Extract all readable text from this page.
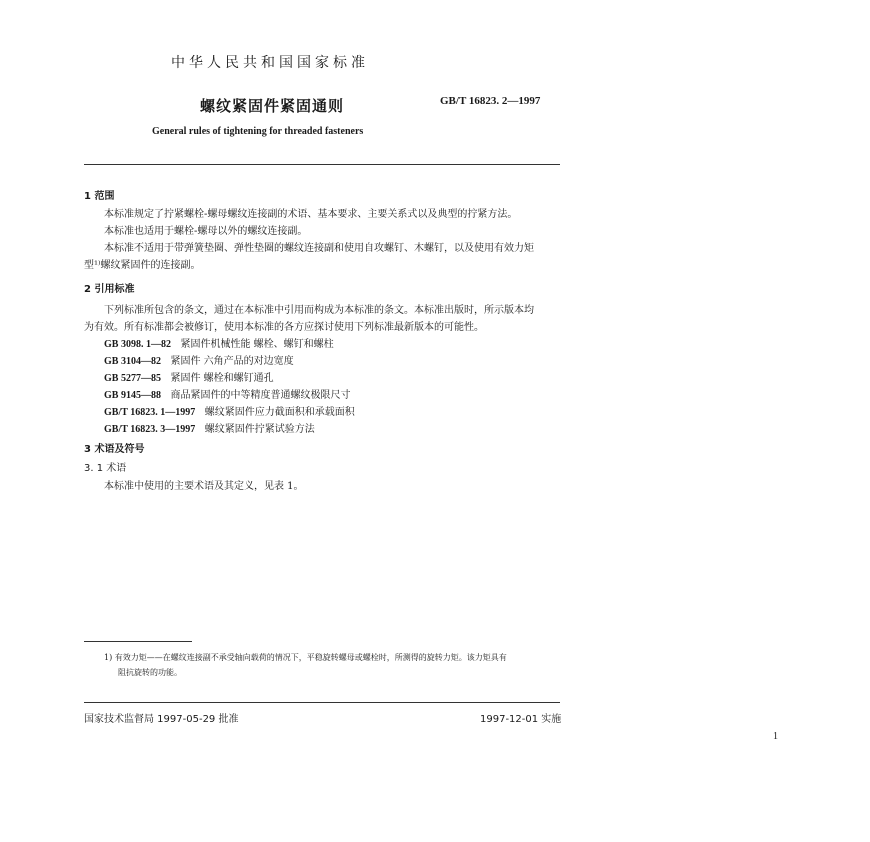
中华人民共和国国家标准
螺纹紧固件紧固通则	GB/T 16823. 2—1997
General rules of tightening for threaded fasteners
1 范围
本标准规定了拧紧螺栓-螺母螺纹连接副的术语、基本要求、主要关系式以及典型的拧紧方法。
本标准也适用于螺栓-螺母以外的螺纹连接副。
本标准不适用于带弹簧垫圈、弹性垫圈的螺纹连接副和使用自攻螺钉、木螺钉，以及使用有效力矩
型¹⁾螺纹紧固件的连接副。
2 引用标准
下列标准所包含的条文，通过在本标准中引用而构成为本标准的条文。本标准出版时，所示版本均
为有效。所有标准都会被修订，使用本标准的各方应探讨使用下列标准最新版本的可能性。
GB 3098. 1—82 紧固件机械性能 螺栓、螺钉和螺柱
GB 3104—82 紧固件 六角产品的对边宽度
GB 5277—85 紧固件 螺栓和螺钉通孔
GB 9145—88 商品紧固件的中等精度普通螺纹极限尺寸
GB/T 16823. 1—1997 螺纹紧固件应力截面积和承载面积
GB/T 16823. 3—1997 螺纹紧固件拧紧试验方法
3 术语及符号
3. 1 术语
本标准中使用的主要术语及其定义，见表 1。
1) 有效力矩——在螺纹连接副不承受轴向载荷的情况下，平稳旋转螺母或螺栓时，所测得的旋转力矩。该力矩具有
阻抗旋转的功能。
国家技术监督局 1997-05-29 批准	1997-12-01 实施
1
